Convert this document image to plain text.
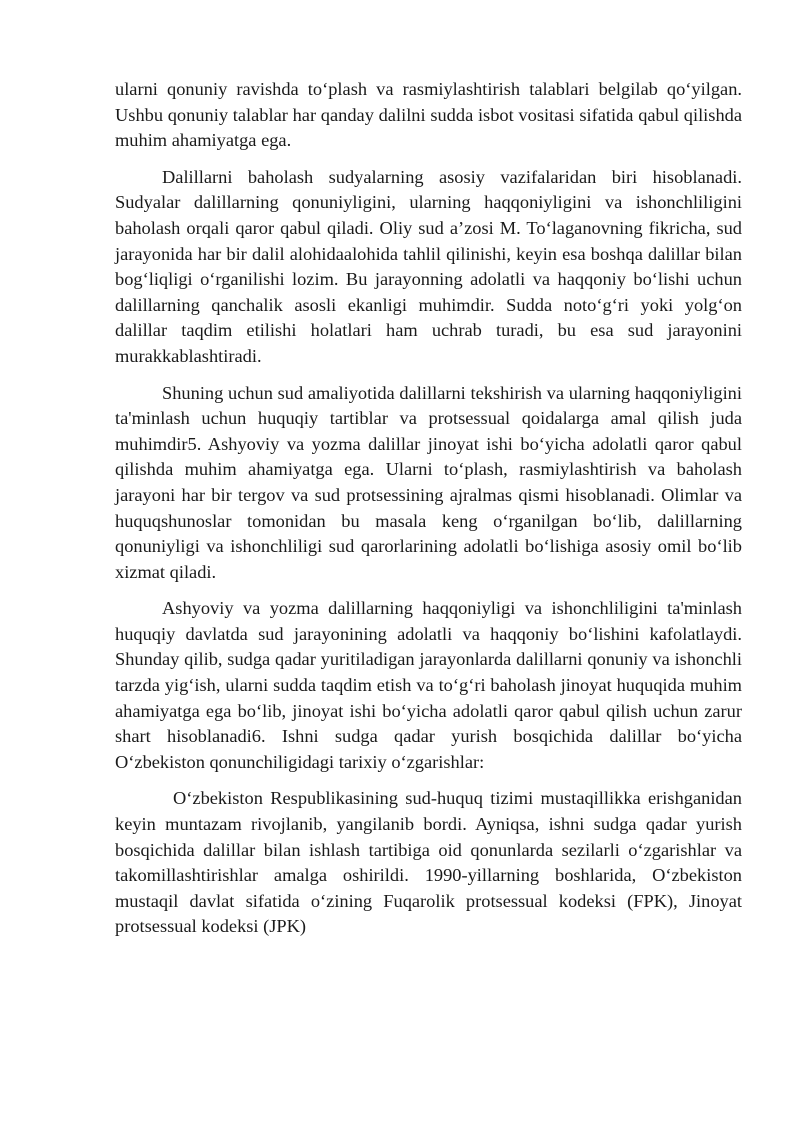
ularni qonuniy ravishda to‘plash va rasmiylashtirish talablari belgilab qo‘yilgan. Ushbu qonuniy talablar har qanday dalilni sudda isbot vositasi sifatida qabul qilishda muhim ahamiyatga ega.

Dalillarni baholash sudyalarning asosiy vazifalaridan biri hisoblanadi. Sudyalar dalillarning qonuniyligini, ularning haqqoniyligini va ishonchliligini baholash orqali qaror qabul qiladi. Oliy sud a’zosi M. To‘laganovning fikricha, sud jarayonida har bir dalil alohidaalohida tahlil qilinishi, keyin esa boshqa dalillar bilan bog‘liqligi o‘rganilishi lozim. Bu jarayonning adolatli va haqqoniy bo‘lishi uchun dalillarning qanchalik asosli ekanligi muhimdir. Sudda noto‘g‘ri yoki yolg‘on dalillar taqdim etilishi holatlari ham uchrab turadi, bu esa sud jarayonini murakkablashtiradi.

Shuning uchun sud amaliyotida dalillarni tekshirish va ularning haqqoniyligini ta'minlash uchun huquqiy tartiblar va protsessual qoidalarga amal qilish juda muhimdir5. Ashyoviy va yozma dalillar jinoyat ishi bo‘yicha adolatli qaror qabul qilishda muhim ahamiyatga ega. Ularni to‘plash, rasmiylashtirish va baholash jarayoni har bir tergov va sud protsessining ajralmas qismi hisoblanadi. Olimlar va huquqshunoslar tomonidan bu masala keng o‘rganilgan bo‘lib, dalillarning qonuniyligi va ishonchliligi sud qarorlarining adolatli bo‘lishiga asosiy omil bo‘lib xizmat qiladi.

Ashyoviy va yozma dalillarning haqqoniyligi va ishonchliligini ta'minlash huquqiy davlatda sud jarayonining adolatli va haqqoniy bo‘lishini kafolatlaydi. Shunday qilib, sudga qadar yuritiladigan jarayonlarda dalillarni qonuniy va ishonchli tarzda yig‘ish, ularni sudda taqdim etish va to‘g‘ri baholash jinoyat huquqida muhim ahamiyatga ega bo‘lib, jinoyat ishi bo‘yicha adolatli qaror qabul qilish uchun zarur shart hisoblanadi6. Ishni sudga qadar yurish bosqichida dalillar bo‘yicha O‘zbekiston qonunchiligidagi tarixiy o‘zgarishlar:

O‘zbekiston Respublikasining sud-huquq tizimi mustaqillikka erishganidan keyin muntazam rivojlanib, yangilanib bordi. Ayniqsa, ishni sudga qadar yurish bosqichida dalillar bilan ishlash tartibiga oid qonunlarda sezilarli o‘zgarishlar va takomillashtirishlar amalga oshirildi. 1990-yillarning boshlarida, O‘zbekiston mustaqil davlat sifatida o‘zining Fuqarolik protsessual kodeksi (FPK), Jinoyat protsessual kodeksi (JPK)
